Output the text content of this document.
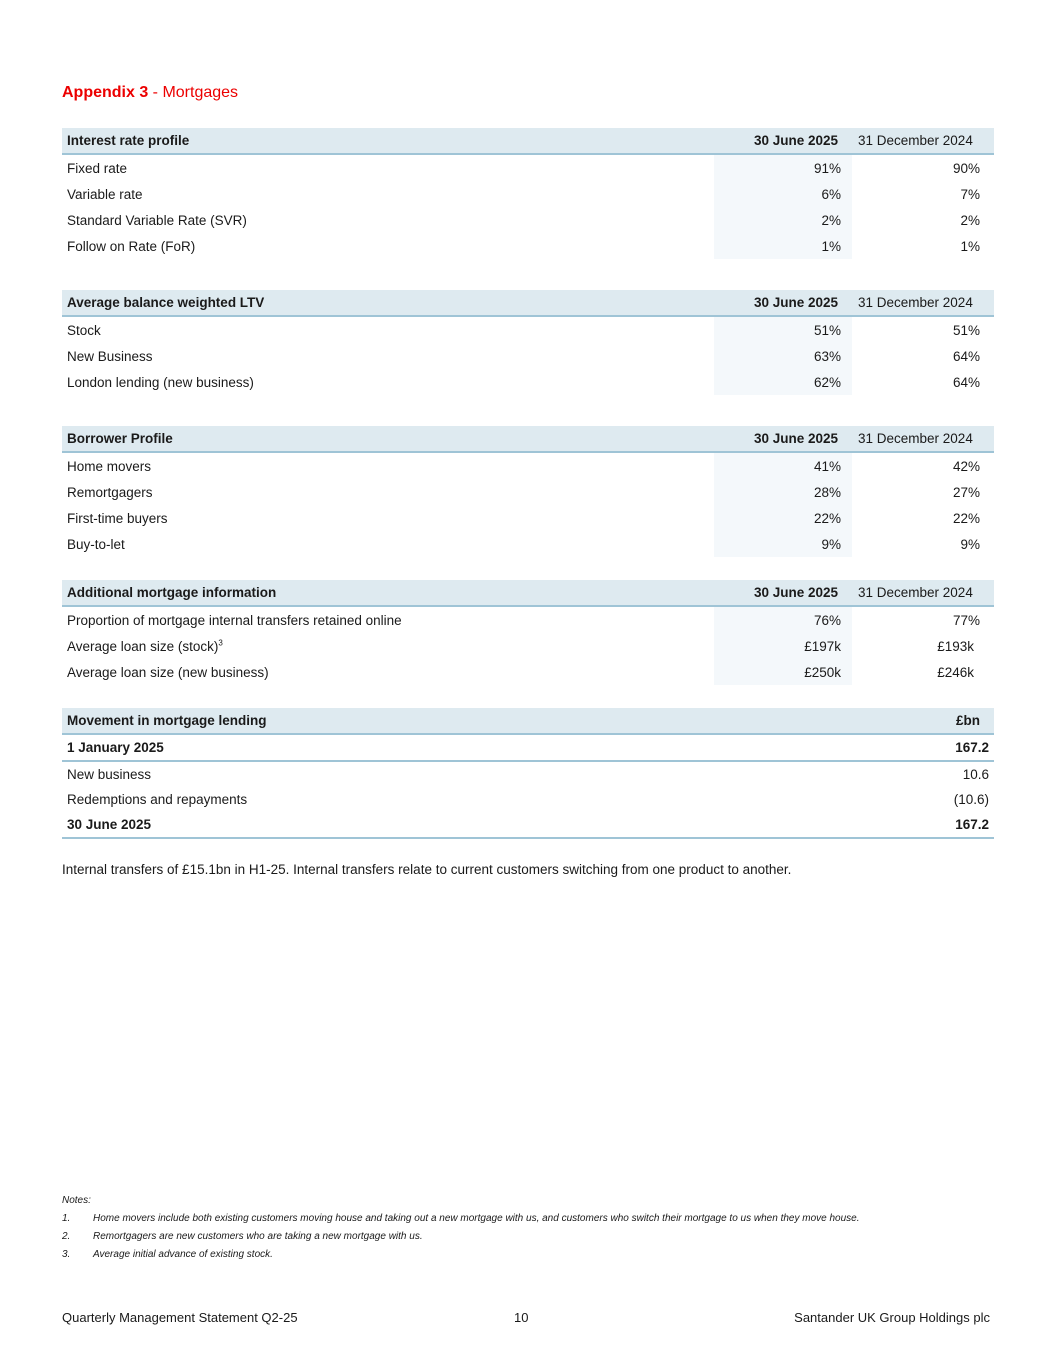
Appendix 3 - Mortgages
Interest rate profile	30 June 2025	31 December 2024
Fixed rate	91%	90%
Variable rate	6%	7%
Standard Variable Rate (SVR)	2%	2%
Follow on Rate (FoR)	1%	1%
Average balance weighted LTV	30 June 2025	31 December 2024
Stock	51%	51%
New Business	63%	64%
London lending (new business)	62%	64%
Borrower Profile	30 June 2025	31 December 2024
Home movers	41%	42%
Remortgagers	28%	27%
First-time buyers	22%	22%
Buy-to-let	9%	9%
Additional mortgage information	30 June 2025	31 December 2024
Proportion of mortgage internal transfers retained online	76%	77%
Average loan size (stock)$^3$	£197k	£193k
Average loan size (new business)	£250k	£246k
Movement in mortgage lending	£bn
1 January 2025	167.2
New business	10.6
Redemptions and repayments	(10.6)
30 June 2025	167.2
Internal transfers of £15.1bn in H1-25. Internal transfers relate to current customers switching from one product to another.
Notes:
1.	Home movers include both existing customers moving house and taking out a new mortgage with us, and customers who switch their mortgage to us when they move house.
2.	Remortgagers are new customers who are taking a new mortgage with us.
3.	Average initial advance of existing stock.
Quarterly Management Statement Q2-25	10	Santander UK Group Holdings plc
